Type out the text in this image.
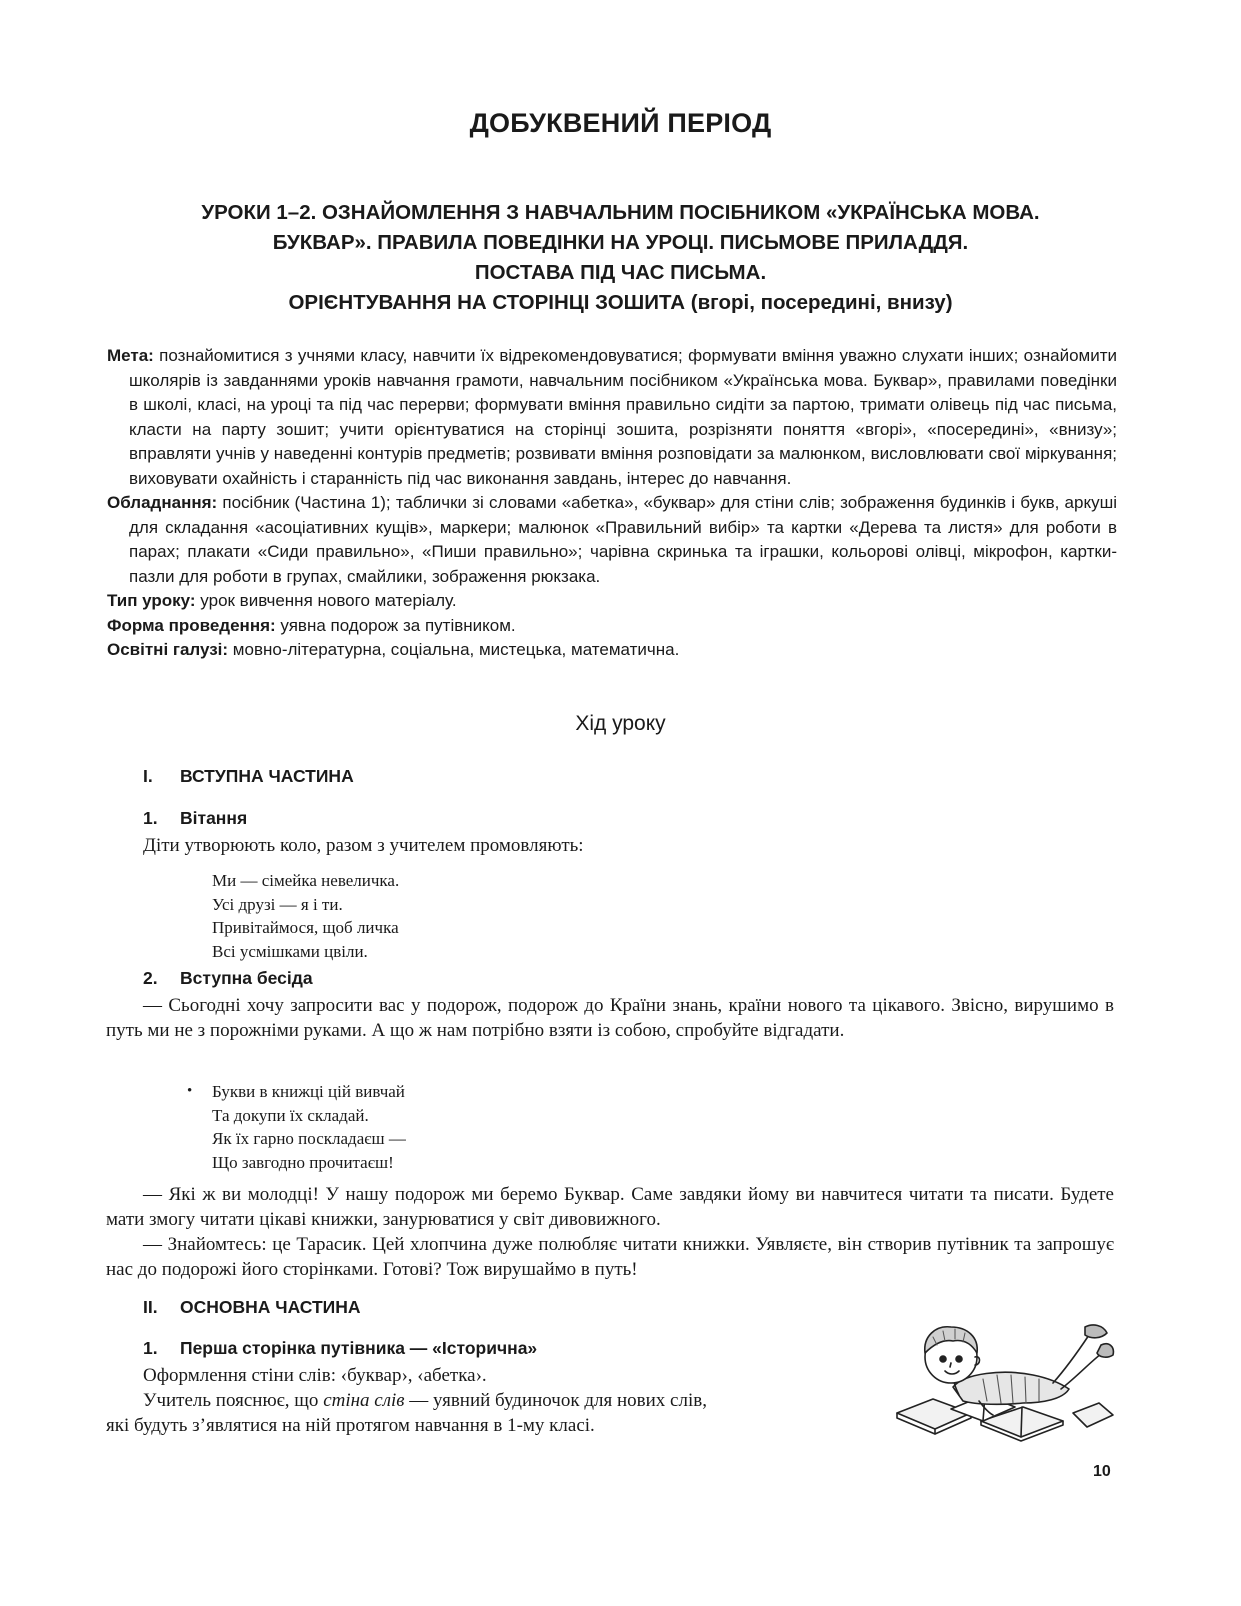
ДОБУКВЕНИЙ ПЕРІОД
УРОКИ 1–2. ОЗНАЙОМЛЕННЯ З НАВЧАЛЬНИМ ПОСІБНИКОМ «УКРАЇНСЬКА МОВА.
БУКВАР». ПРАВИЛА ПОВЕДІНКИ НА УРОЦІ. ПИСЬМОВЕ ПРИЛАДДЯ.
ПОСТАВА ПІД ЧАС ПИСЬМА.
ОРІЄНТУВАННЯ НА СТОРІНЦІ ЗОШИТА (вгорі, посередині, внизу)

Мета: познайомитися з учнями класу, навчити їх відрекомендовуватися; формувати вміння уважно слухати інших; ознайомити школярів із завданнями уроків навчання грамоти, навчальним посібником «Українська мова. Буквар», правилами поведінки в школі, класі, на уроці та під час перерви; формувати вміння правильно сидіти за партою, тримати олівець під час письма, класти на парту зошит; учити орієнтуватися на сторінці зошита, розрізняти поняття «вгорі», «посередині», «внизу»; вправляти учнів у наведенні контурів предметів; розвивати вміння розповідати за малюнком, висловлювати свої міркування; виховувати охайність і старанність під час виконання завдань, інтерес до навчання.

Обладнання: посібник (Частина 1); таблички зі словами «абетка», «буквар» для стіни слів; зображення будинків і букв, аркуші для складання «асоціативних кущів», маркери; малюнок «Правильний вибір» та картки «Дерева та листя» для роботи в парах; плакати «Сиди правильно», «Пиши правильно»; чарівна скринька та іграшки, кольорові олівці, мікрофон, картки-пазли для роботи в групах, смайлики, зображення рюкзака.

Тип уроку: урок вивчення нового матеріалу.

Форма проведення: уявна подорож за путівником.

Освітні галузі: мовно-літературна, соціальна, мистецька, математична.

Хід уроку
I. ВСТУПНА ЧАСТИНА
1. Вітання

Діти утворюють коло, разом з учителем промовляють:

Ми — сімейка невеличка.
Усі друзі — я і ти.
Привітаймося, щоб личка
Всі усмішками цвіли.
2. Вступна бесіда

— Сьогодні хочу запросити вас у подорож, подорож до Країни знань, країни нового та цікавого. Звісно, вирушимо в путь ми не з порожніми руками. А що ж нам потрібно взяти із собою, спробуйте відгадати.

• Букви в книжці цій вивчай
Та докупи їх складай.
Як їх гарно поскладаєш —
Що завгодно прочитаєш!

— Які ж ви молодці! У нашу подорож ми беремо Буквар. Саме завдяки йому ви навчитеся читати та писати. Будете мати змогу читати цікаві книжки, занурюватися у світ дивовижного.

— Знайомтесь: це Тарасик. Цей хлопчина дуже полюбляє читати книжки. Уявляєте, він створив путівник та запрошує нас до подорожі його сторінками. Готові? Тож вирушаймо в путь!

II. ОСНОВНА ЧАСТИНА
1. Перша сторінка путівника — «Історична»

Оформлення стіни слів: ‹буквар›, ‹абетка›.

Учитель пояснює, що стіна слів — уявний будиночок для нових слів,

які будуть з’являтися на ній протягом навчання в 1-му класі.

10
